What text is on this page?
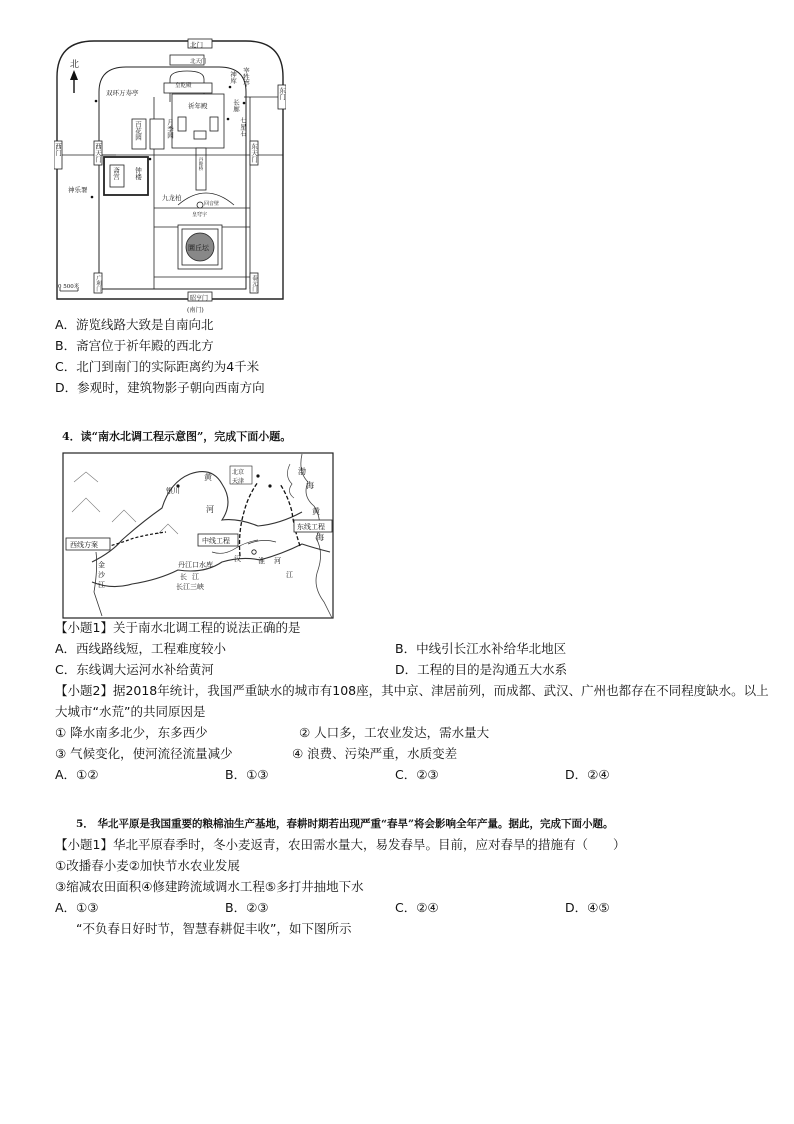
北
北门
北天门
皇乾殿
祈年殿
双环万寿亭
神库 宰牲亭
长廊
七星石
东门
百花园	月季园
西门	西天门	东天门
丹陛桥
斋宫 钟楼
神乐署
九龙柏
回音壁
皇穹宇
圜丘坛
广利门	泰元门
0 500米
昭亨门
(南门)
A．游览线路大致是自南向北
B．斋宫位于祈年殿的西北方
C．北门到南门的实际距离约为4千米
D．参观时，建筑物影子朝向西南方向
4．读“南水北调工程示意图”，完成下面小题。
银川
北京
天津
渤
海
黄
河	黄
海
西线方案	中线工程
东线工程
丹江口水库
长 江
长江三峡
金
沙
江
汉 淮 河
江
【小题1】关于南水北调工程的说法正确的是
A．西线路线短，工程难度较小	B．中线引长江水补给华北地区
C．东线调大运河水补给黄河	D．工程的目的是沟通五大水系
【小题2】据2018年统计，我国严重缺水的城市有108座，其中京、津居前列，而成都、武汉、广州也都存在不同程度缺水。以上
大城市“水荒”的共同原因是
① 降水南多北少，东多西少	② 人口多，工农业发达，需水量大
③ 气候变化，使河流径流量减少	④ 浪费、污染严重，水质变差
A．①②	B．①③	C．②③	D．②④
5． 华北平原是我国重要的粮棉油生产基地，春耕时期若出现严重“春旱”将会影响全年产量。据此，完成下面小题。
【小题1】华北平原春季时，冬小麦返青，农田需水量大，易发春旱。目前，应对春旱的措施有（　　）
①改播春小麦②加快节水农业发展
③缩减农田面积④修建跨流域调水工程⑤多打井抽地下水
A．①③	B．②③	C．②④	D．④⑤
“不负春日好时节，智慧春耕促丰收”，如下图所示
